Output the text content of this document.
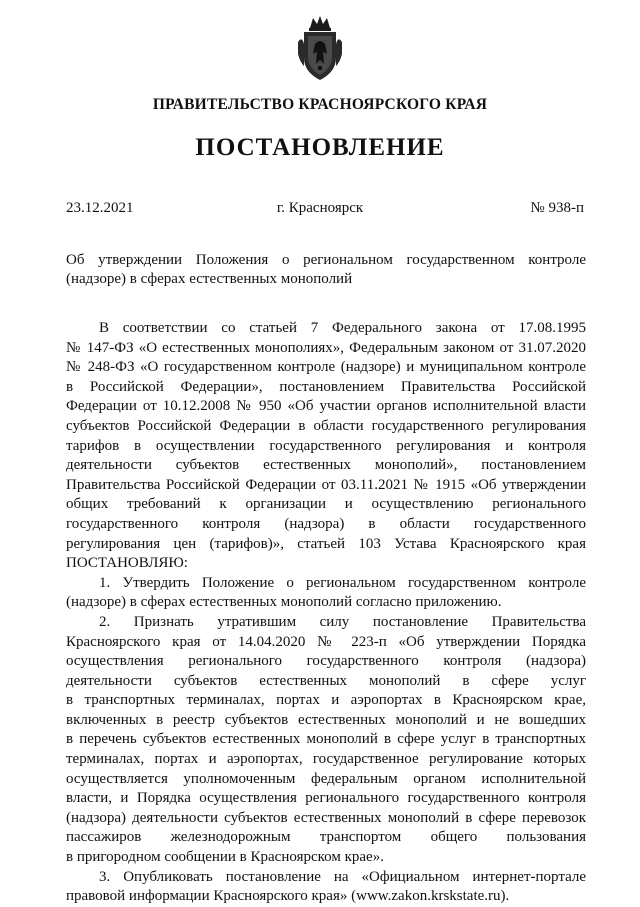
ПРАВИТЕЛЬСТВО КРАСНОЯРСКОГО КРАЯ
ПОСТАНОВЛЕНИЕ
23.12.2021	г. Красноярск	№ 938-п
Об утверждении Положения о региональном государственном контроле
(надзоре) в сферах естественных монополий
В соответствии со статьей 7 Федерального закона от 17.08.1995
№ 147-ФЗ «О естественных монополиях», Федеральным законом от 31.07.2020
№ 248-ФЗ «О государственном контроле (надзоре) и муниципальном контроле
в Российской Федерации», постановлением Правительства Российской
Федерации от 10.12.2008 № 950 «Об участии органов исполнительной власти
субъектов Российской Федерации в области государственного регулирования
тарифов в осуществлении государственного регулирования и контроля
деятельности субъектов естественных монополий», постановлением
Правительства Российской Федерации от 03.11.2021 № 1915 «Об утверждении
общих требований к организации и осуществлению регионального
государственного контроля (надзора) в области государственного
регулирования цен (тарифов)», статьей 103 Устава Красноярского края
ПОСТАНОВЛЯЮ:
1. Утвердить Положение о региональном государственном контроле
(надзоре) в сферах естественных монополий согласно приложению.
2. Признать утратившим силу постановление Правительства
Красноярского края от 14.04.2020 № 223-п «Об утверждении Порядка
осуществления регионального государственного контроля (надзора)
деятельности субъектов естественных монополий в сфере услуг
в транспортных терминалах, портах и аэропортах в Красноярском крае,
включенных в реестр субъектов естественных монополий и не вошедших
в перечень субъектов естественных монополий в сфере услуг в транспортных
терминалах, портах и аэропортах, государственное регулирование которых
осуществляется уполномоченным федеральным органом исполнительной
власти, и Порядка осуществления регионального государственного контроля
(надзора) деятельности субъектов естественных монополий в сфере перевозок
пассажиров железнодорожным транспортом общего пользования
в пригородном сообщении в Красноярском крае».
3. Опубликовать постановление на «Официальном интернет-портале
правовой информации Красноярского края» (www.zakon.krskstate.ru).
